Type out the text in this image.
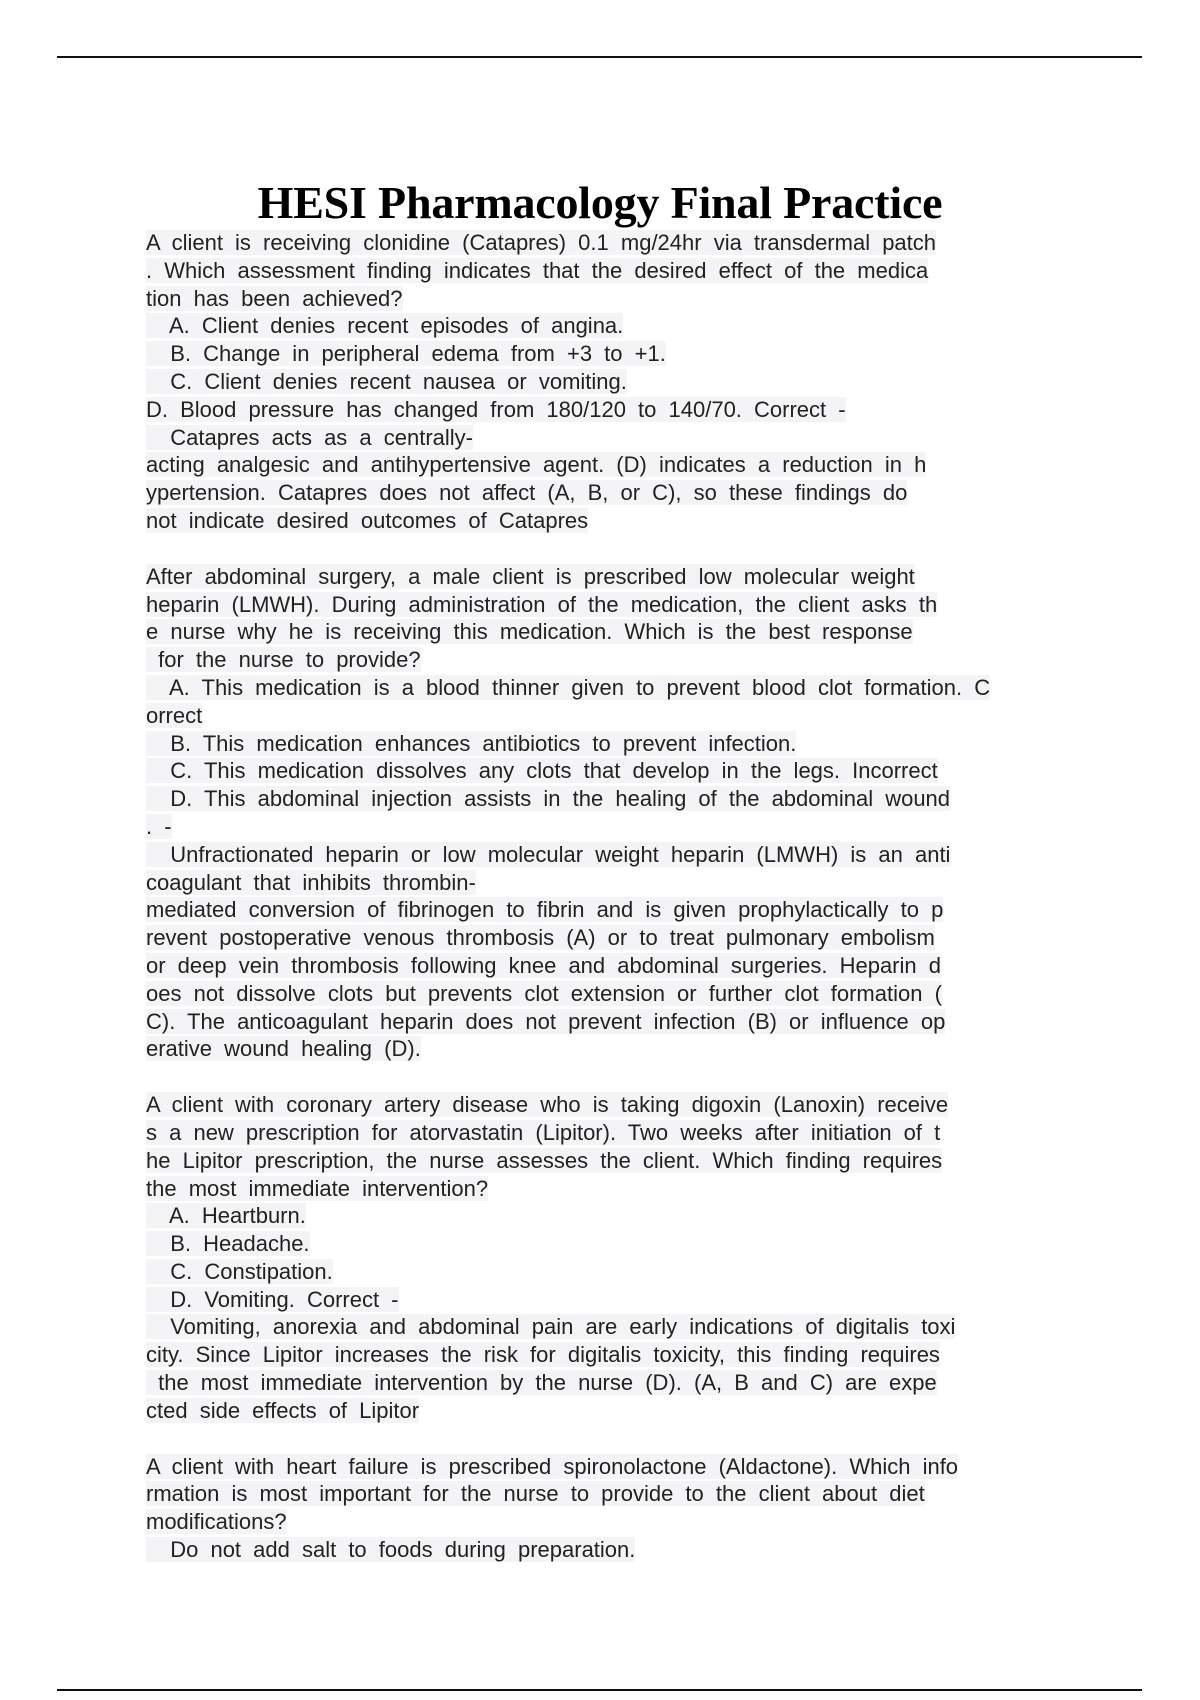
HESI Pharmacology Final Practice
A client is receiving clonidine (Catapres) 0.1 mg/24hr via transdermal patch
. Which assessment finding indicates that the desired effect of the medica
tion has been achieved?
A. Client denies recent episodes of angina.
B. Change in peripheral edema from +3 to +1.
C. Client denies recent nausea or vomiting.
D. Blood pressure has changed from 180/120 to 140/70. Correct -
Catapres acts as a centrally-
acting analgesic and antihypertensive agent. (D) indicates a reduction in h
ypertension. Catapres does not affect (A, B, or C), so these findings do
not indicate desired outcomes of Catapres
After abdominal surgery, a male client is prescribed low molecular weight
heparin (LMWH). During administration of the medication, the client asks th
e nurse why he is receiving this medication. Which is the best response
for the nurse to provide?
A. This medication is a blood thinner given to prevent blood clot formation. C
orrect
B. This medication enhances antibiotics to prevent infection.
C. This medication dissolves any clots that develop in the legs. Incorrect
D. This abdominal injection assists in the healing of the abdominal wound
. -
Unfractionated heparin or low molecular weight heparin (LMWH) is an anti
coagulant that inhibits thrombin-
mediated conversion of fibrinogen to fibrin and is given prophylactically to p
revent postoperative venous thrombosis (A) or to treat pulmonary embolism
or deep vein thrombosis following knee and abdominal surgeries. Heparin d
oes not dissolve clots but prevents clot extension or further clot formation (
C). The anticoagulant heparin does not prevent infection (B) or influence op
erative wound healing (D).
A client with coronary artery disease who is taking digoxin (Lanoxin) receive
s a new prescription for atorvastatin (Lipitor). Two weeks after initiation of t
he Lipitor prescription, the nurse assesses the client. Which finding requires
the most immediate intervention?
A. Heartburn.
B. Headache.
C. Constipation.
D. Vomiting. Correct -
Vomiting, anorexia and abdominal pain are early indications of digitalis toxi
city. Since Lipitor increases the risk for digitalis toxicity, this finding requires
the most immediate intervention by the nurse (D). (A, B and C) are expe
cted side effects of Lipitor
A client with heart failure is prescribed spironolactone (Aldactone). Which info
rmation is most important for the nurse to provide to the client about diet
modifications?
Do not add salt to foods during preparation.
